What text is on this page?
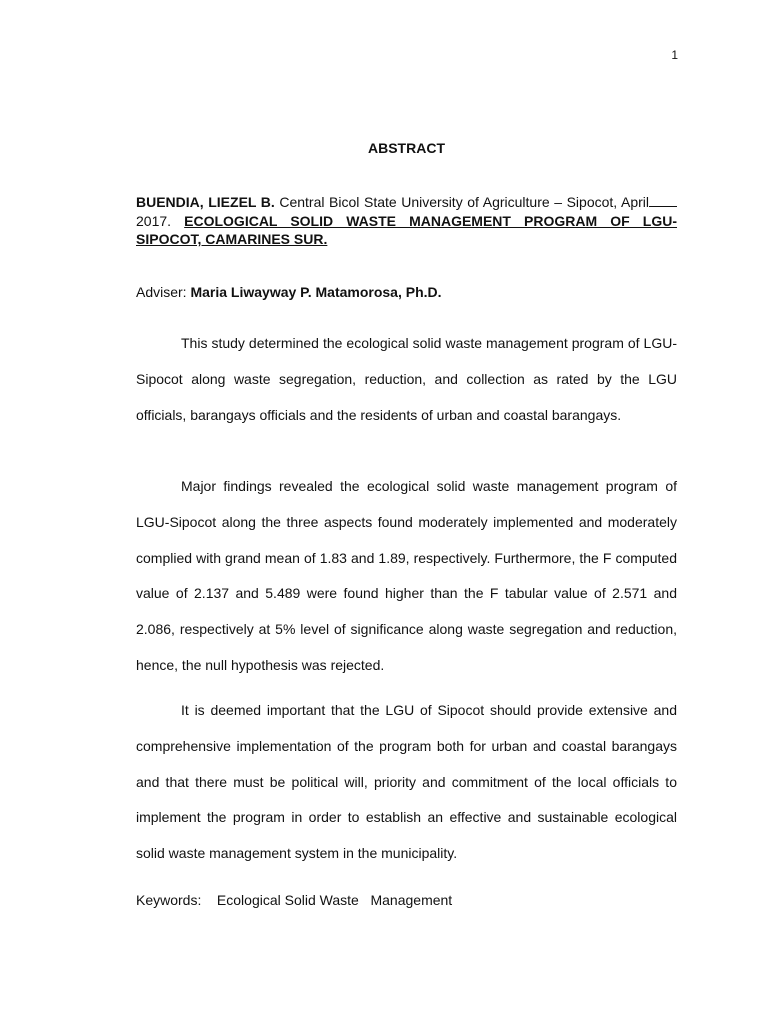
1
ABSTRACT
BUENDIA, LIEZEL B. Central Bicol State University of Agriculture – Sipocot, April2017. ECOLOGICAL SOLID WASTE MANAGEMENT PROGRAM OF LGU-SIPOCOT, CAMARINES SUR.
Adviser: Maria Liwayway P. Matamorosa, Ph.D.

This study determined the ecological solid waste management program of LGU-Sipocot along waste segregation, reduction, and collection as rated by the LGU officials, barangays officials and the residents of urban and coastal barangays.

Major findings revealed the ecological solid waste management program of LGU-Sipocot along the three aspects found moderately implemented and moderately complied with grand mean of 1.83 and 1.89, respectively. Furthermore, the F computed value of 2.137 and 5.489 were found higher than the F tabular value of 2.571 and 2.086, respectively at 5% level of significance along waste segregation and reduction, hence, the null hypothesis was rejected.

It is deemed important that the LGU of Sipocot should provide extensive and comprehensive implementation of the program both for urban and coastal barangays and that there must be political will, priority and commitment of the local officials to implement the program in order to establish an effective and sustainable ecological solid waste management system in the municipality.

Keywords: Ecological Solid Waste   Management
